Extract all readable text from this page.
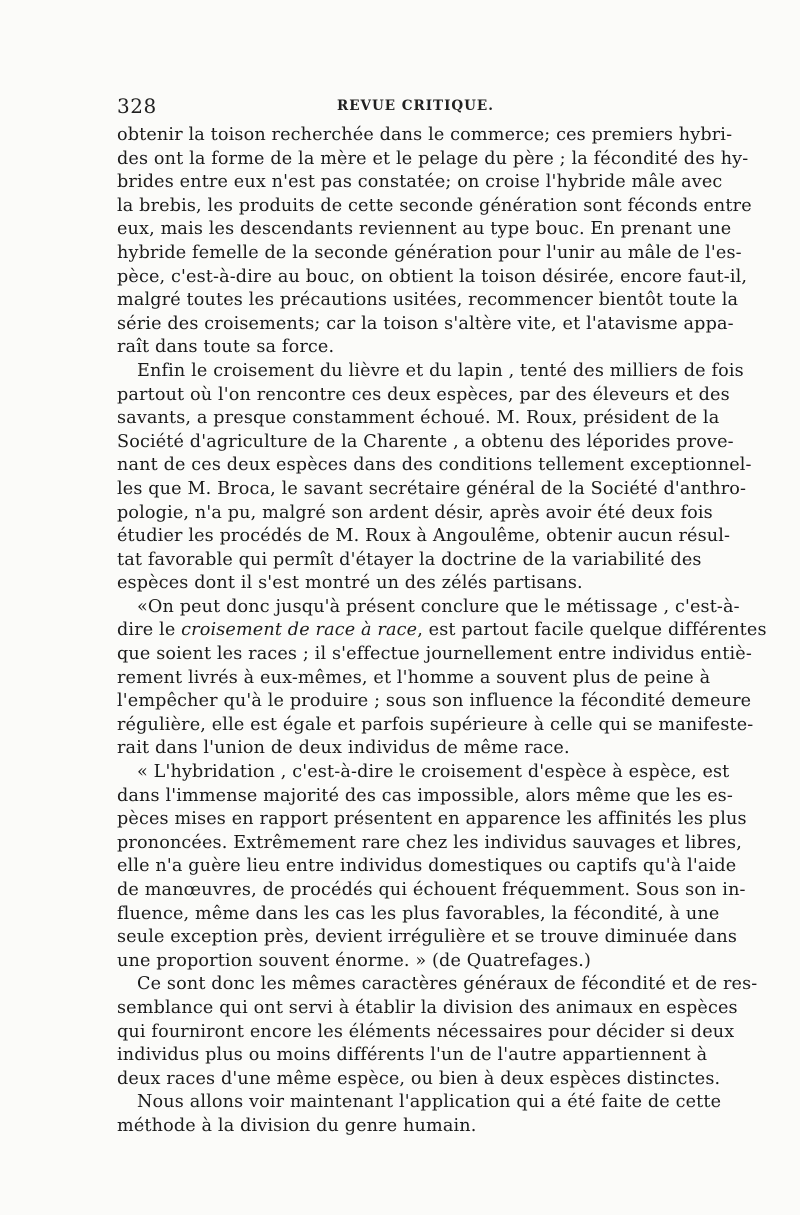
328	REVUE CRITIQUE.
obtenir la toison recherchée dans le commerce; ces premiers hybri-
des ont la forme de la mère et le pelage du père ; la fécondité des hy-
brides entre eux n'est pas constatée; on croise l'hybride mâle avec
la brebis, les produits de cette seconde génération sont féconds entre
eux, mais les descendants reviennent au type bouc. En prenant une
hybride femelle de la seconde génération pour l'unir au mâle de l'es-
pèce, c'est-à-dire au bouc, on obtient la toison désirée, encore faut-il,
malgré toutes les précautions usitées, recommencer bientôt toute la
série des croisements; car la toison s'altère vite, et l'atavisme appa-
raît dans toute sa force.
Enfin le croisement du lièvre et du lapin , tenté des milliers de fois
partout où l'on rencontre ces deux espèces, par des éleveurs et des
savants, a presque constamment échoué. M. Roux, président de la
Société d'agriculture de la Charente , a obtenu des léporides prove-
nant de ces deux espèces dans des conditions tellement exceptionnel-
les que M. Broca, le savant secrétaire général de la Société d'anthro-
pologie, n'a pu, malgré son ardent désir, après avoir été deux fois
étudier les procédés de M. Roux à Angoulême, obtenir aucun résul-
tat favorable qui permît d'étayer la doctrine de la variabilité des
espèces dont il s'est montré un des zélés partisans.
«On peut donc jusqu'à présent conclure que le métissage , c'est-à-
dire le croisement de race à race, est partout facile quelque différentes
que soient les races ; il s'effectue journellement entre individus entiè-
rement livrés à eux-mêmes, et l'homme a souvent plus de peine à
l'empêcher qu'à le produire ; sous son influence la fécondité demeure
régulière, elle est égale et parfois supérieure à celle qui se manifeste-
rait dans l'union de deux individus de même race.
« L'hybridation , c'est-à-dire le croisement d'espèce à espèce, est
dans l'immense majorité des cas impossible, alors même que les es-
pèces mises en rapport présentent en apparence les affinités les plus
prononcées. Extrêmement rare chez les individus sauvages et libres,
elle n'a guère lieu entre individus domestiques ou captifs qu'à l'aide
de manœuvres, de procédés qui échouent fréquemment. Sous son in-
fluence, même dans les cas les plus favorables, la fécondité, à une
seule exception près, devient irrégulière et se trouve diminuée dans
une proportion souvent énorme. » (de Quatrefages.)
Ce sont donc les mêmes caractères généraux de fécondité et de res-
semblance qui ont servi à établir la division des animaux en espèces
qui fourniront encore les éléments nécessaires pour décider si deux
individus plus ou moins différents l'un de l'autre appartiennent à
deux races d'une même espèce, ou bien à deux espèces distinctes.
Nous allons voir maintenant l'application qui a été faite de cette
méthode à la division du genre humain.
